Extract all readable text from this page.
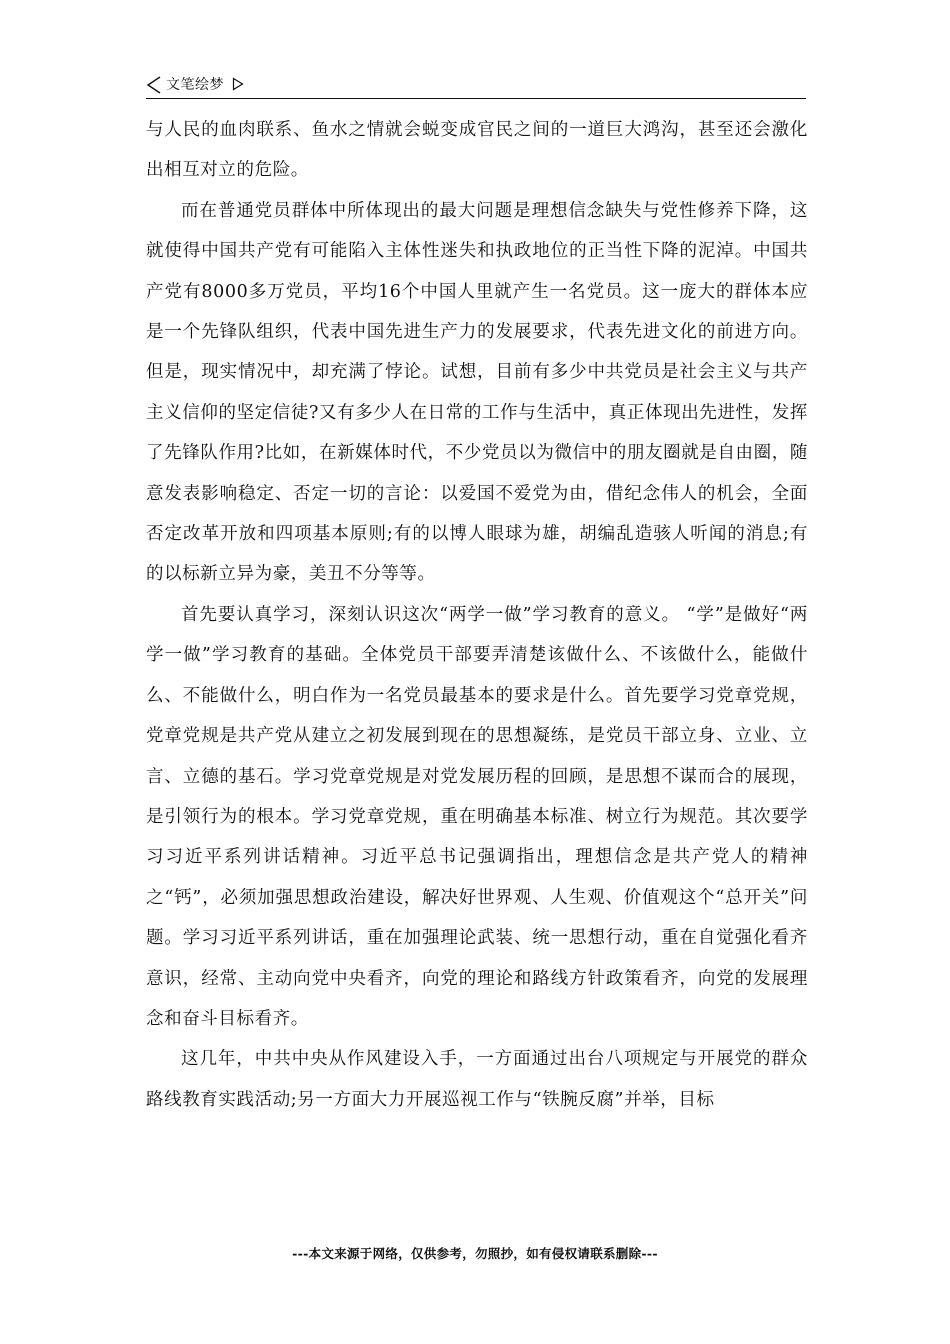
文笔绘梦

与人民的血肉联系、鱼水之情就会蜕变成官民之间的一道巨大鸿沟，甚至还会激化出相互对立的危险。

而在普通党员群体中所体现出的最大问题是理想信念缺失与党性修养下降，这就使得中国共产党有可能陷入主体性迷失和执政地位的正当性下降的泥淖。中国共产党有8000多万党员，平均16个中国人里就产生一名党员。这一庞大的群体本应是一个先锋队组织，代表中国先进生产力的发展要求，代表先进文化的前进方向。但是，现实情况中，却充满了悖论。试想，目前有多少中共党员是社会主义与共产主义信仰的坚定信徒?又有多少人在日常的工作与生活中，真正体现出先进性，发挥了先锋队作用?比如，在新媒体时代，不少党员以为微信中的朋友圈就是自由圈，随意发表影响稳定、否定一切的言论：以爱国不爱党为由，借纪念伟人的机会，全面否定改革开放和四项基本原则;有的以博人眼球为雄，胡编乱造骇人听闻的消息;有的以标新立异为豪，美丑不分等等。

首先要认真学习，深刻认识这次“两学一做”学习教育的意义。 “学”是做好“两学一做”学习教育的基础。全体党员干部要弄清楚该做什么、不该做什么，能做什么、不能做什么，明白作为一名党员最基本的要求是什么。首先要学习党章党规，党章党规是共产党从建立之初发展到现在的思想凝练，是党员干部立身、立业、立言、立德的基石。学习党章党规是对党发展历程的回顾，是思想不谋而合的展现，是引领行为的根本。学习党章党规，重在明确基本标准、树立行为规范。其次要学习习近平系列讲话精神。习近平总书记强调指出，理想信念是共产党人的精神之“钙”，必须加强思想政治建设，解决好世界观、人生观、价值观这个“总开关”问题。学习习近平系列讲话，重在加强理论武装、统一思想行动，重在自觉强化看齐意识，经常、主动向党中央看齐，向党的理论和路线方针政策看齐，向党的发展理念和奋斗目标看齐。

这几年，中共中央从作风建设入手，一方面通过出台八项规定与开展党的群众路线教育实践活动;另一方面大力开展巡视工作与“铁腕反腐”并举，目标

---本文来源于网络，仅供参考，勿照抄，如有侵权请联系删除---
